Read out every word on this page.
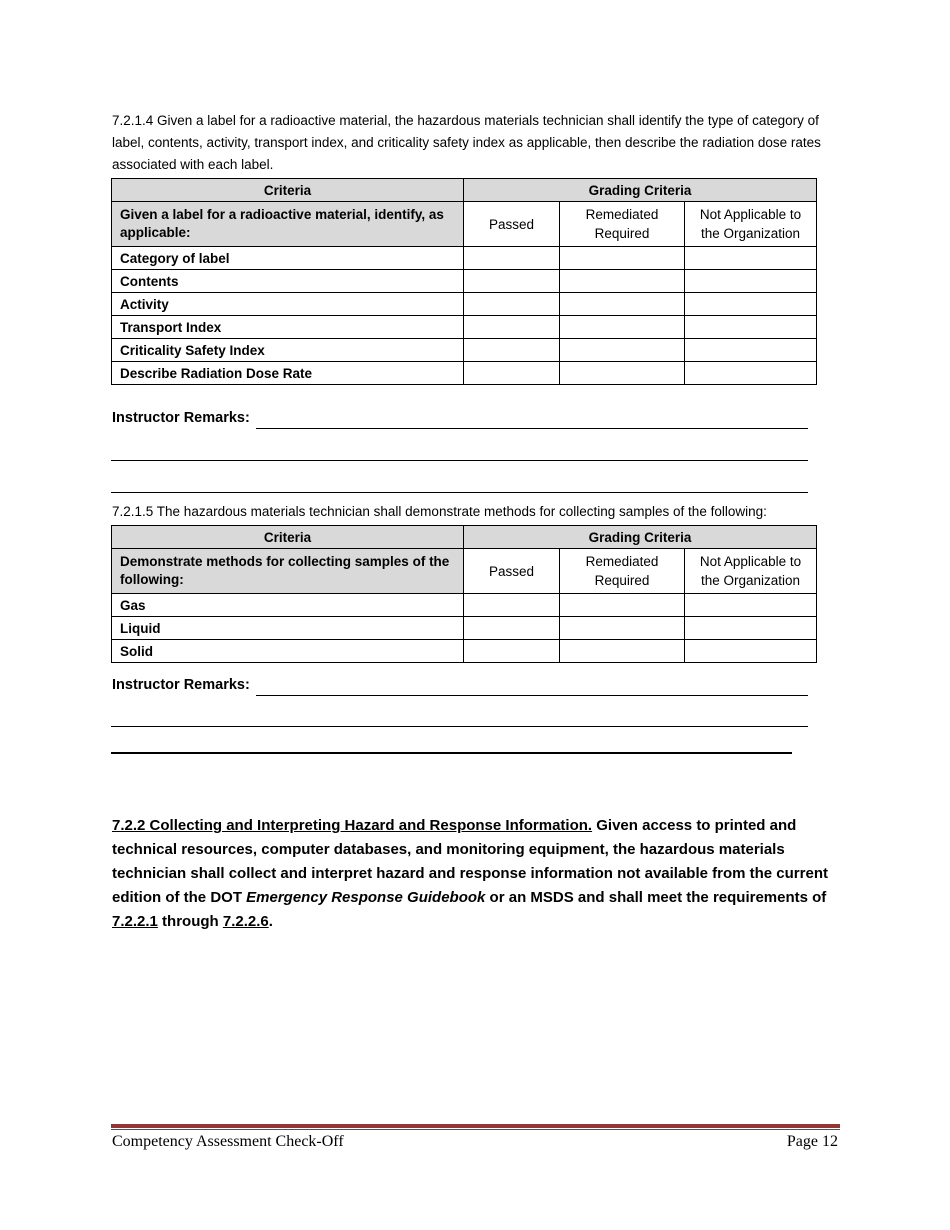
7.2.1.4 Given a label for a radioactive material, the hazardous materials technician shall identify the type of category of label, contents, activity, transport index, and criticality safety index as applicable, then describe the radiation dose rates associated with each label.
Criteria	Grading Criteria		
Given a label for a radioactive material, identify, as applicable:	Passed	Remediated Required	Not Applicable to the Organization
Category of label			
Contents			
Activity			
Transport Index			
Criticality Safety Index			
Describe Radiation Dose Rate			
Instructor Remarks:
7.2.1.5 The hazardous materials technician shall demonstrate methods for collecting samples of the following:
Criteria	Grading Criteria		
Demonstrate methods for collecting samples of the following:	Passed	Remediated Required	Not Applicable to the Organization
Gas			
Liquid			
Solid			
Instructor Remarks:
7.2.2 Collecting and Interpreting Hazard and Response Information. Given access to printed and technical resources, computer databases, and monitoring equipment, the hazardous materials technician shall collect and interpret hazard and response information not available from the current edition of the DOT Emergency Response Guidebook or an MSDS and shall meet the requirements of 7.2.2.1 through 7.2.2.6.
Competency Assessment Check-Off	Page 12
